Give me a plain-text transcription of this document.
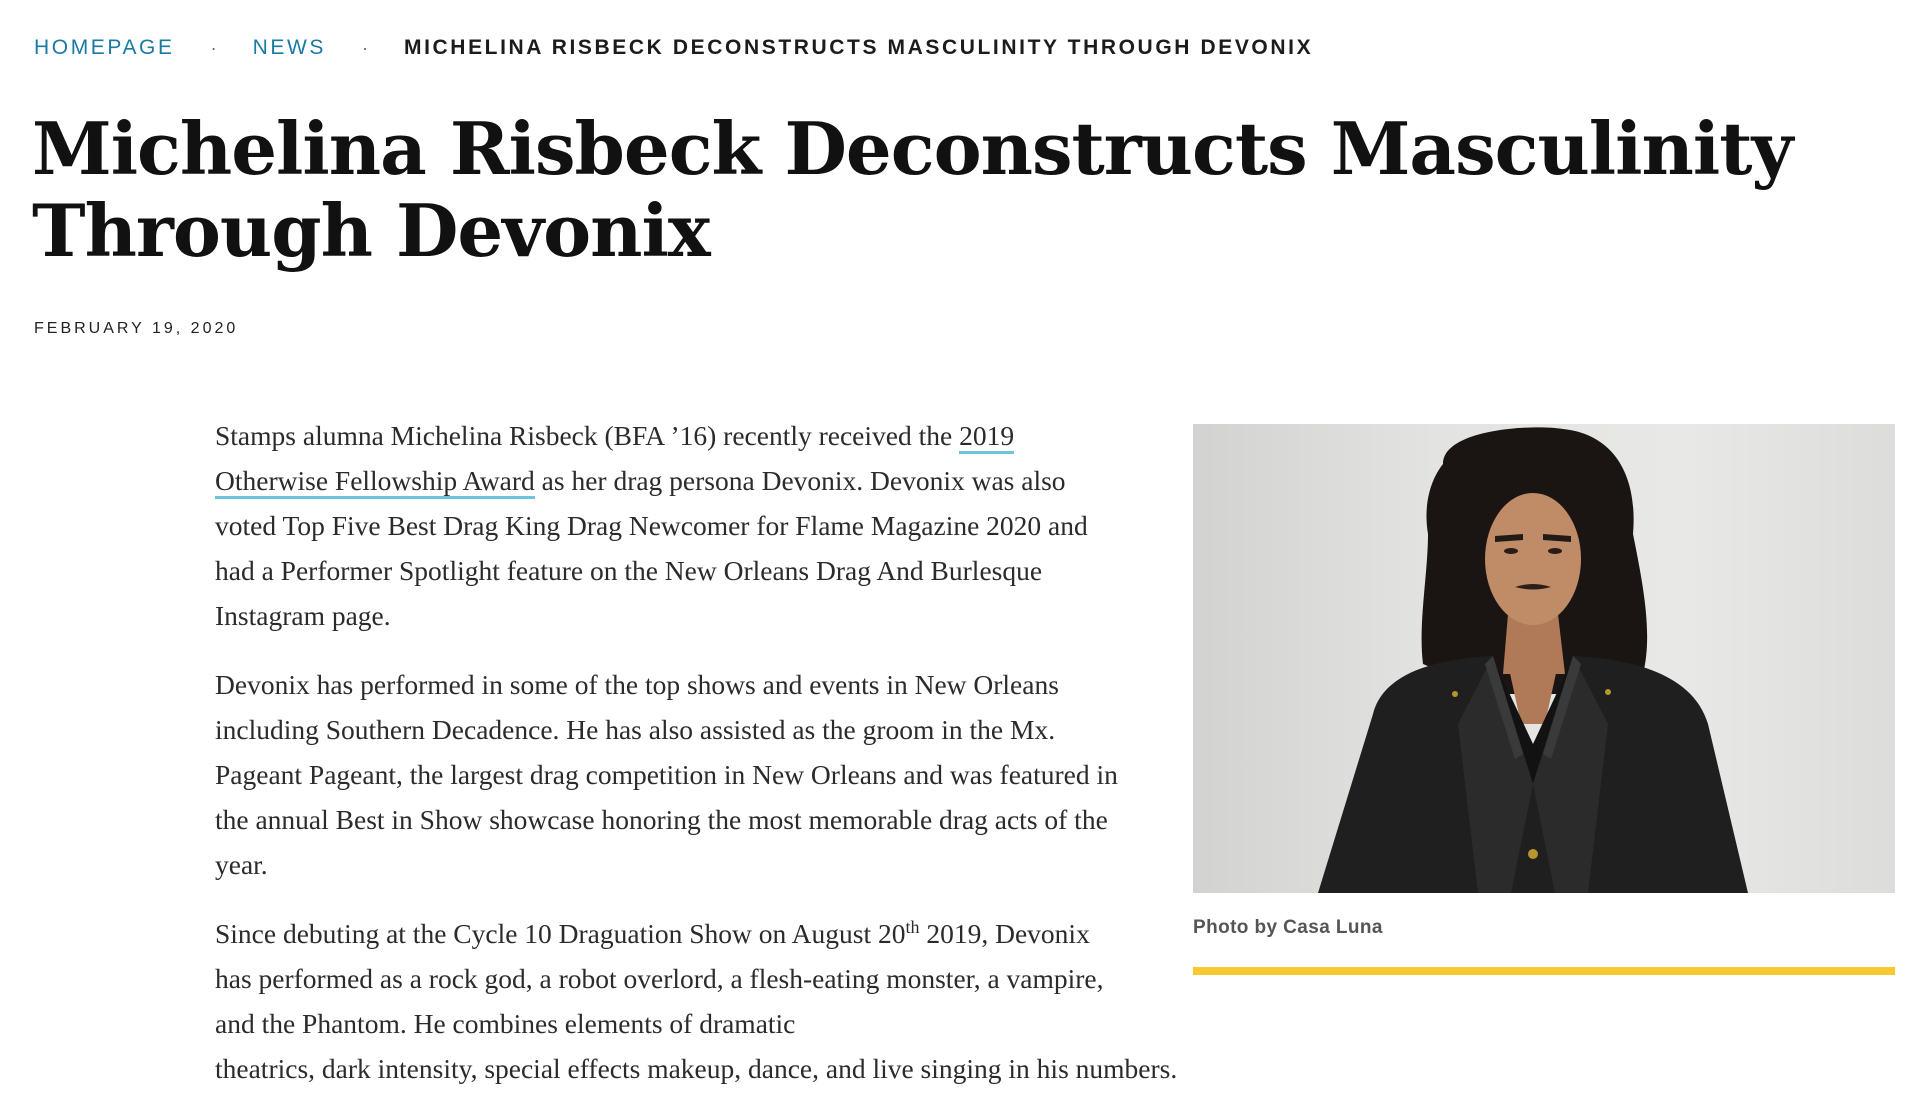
HOMEPAGE · NEWS · MICHELINA RISBECK DECONSTRUCTS MASCULINITY THROUGH DEVONIX
Michelina Risbeck Deconstructs Masculinity Through Devonix
FEBRUARY 19, 2020

Stamps alumna Michelina Risbeck (BFA ’16) recently received the 2019 Otherwise Fellowship Award as her drag persona Devonix. Devonix was also voted Top Five Best Drag King Drag Newcomer for Flame Magazine 2020 and had a Performer Spotlight feature on the New Orleans Drag And Burlesque Instagram page.

Devonix has performed in some of the top shows and events in New Orleans including Southern Decadence. He has also assisted as the groom in the Mx. Pageant Pageant, the largest drag competition in New Orleans and was featured in the annual Best in Show showcase honoring the most memorable drag acts of the year.

Since debuting at the Cycle 10 Draguation Show on August 20th 2019, Devonix has performed as a rock god, a robot overlord, a flesh-eating monster, a vampire, and the Phantom. He combines elements of dramatic
theatrics, dark intensity, special effects makeup, dance, and live singing in his numbers.

Photo by Casa Luna
